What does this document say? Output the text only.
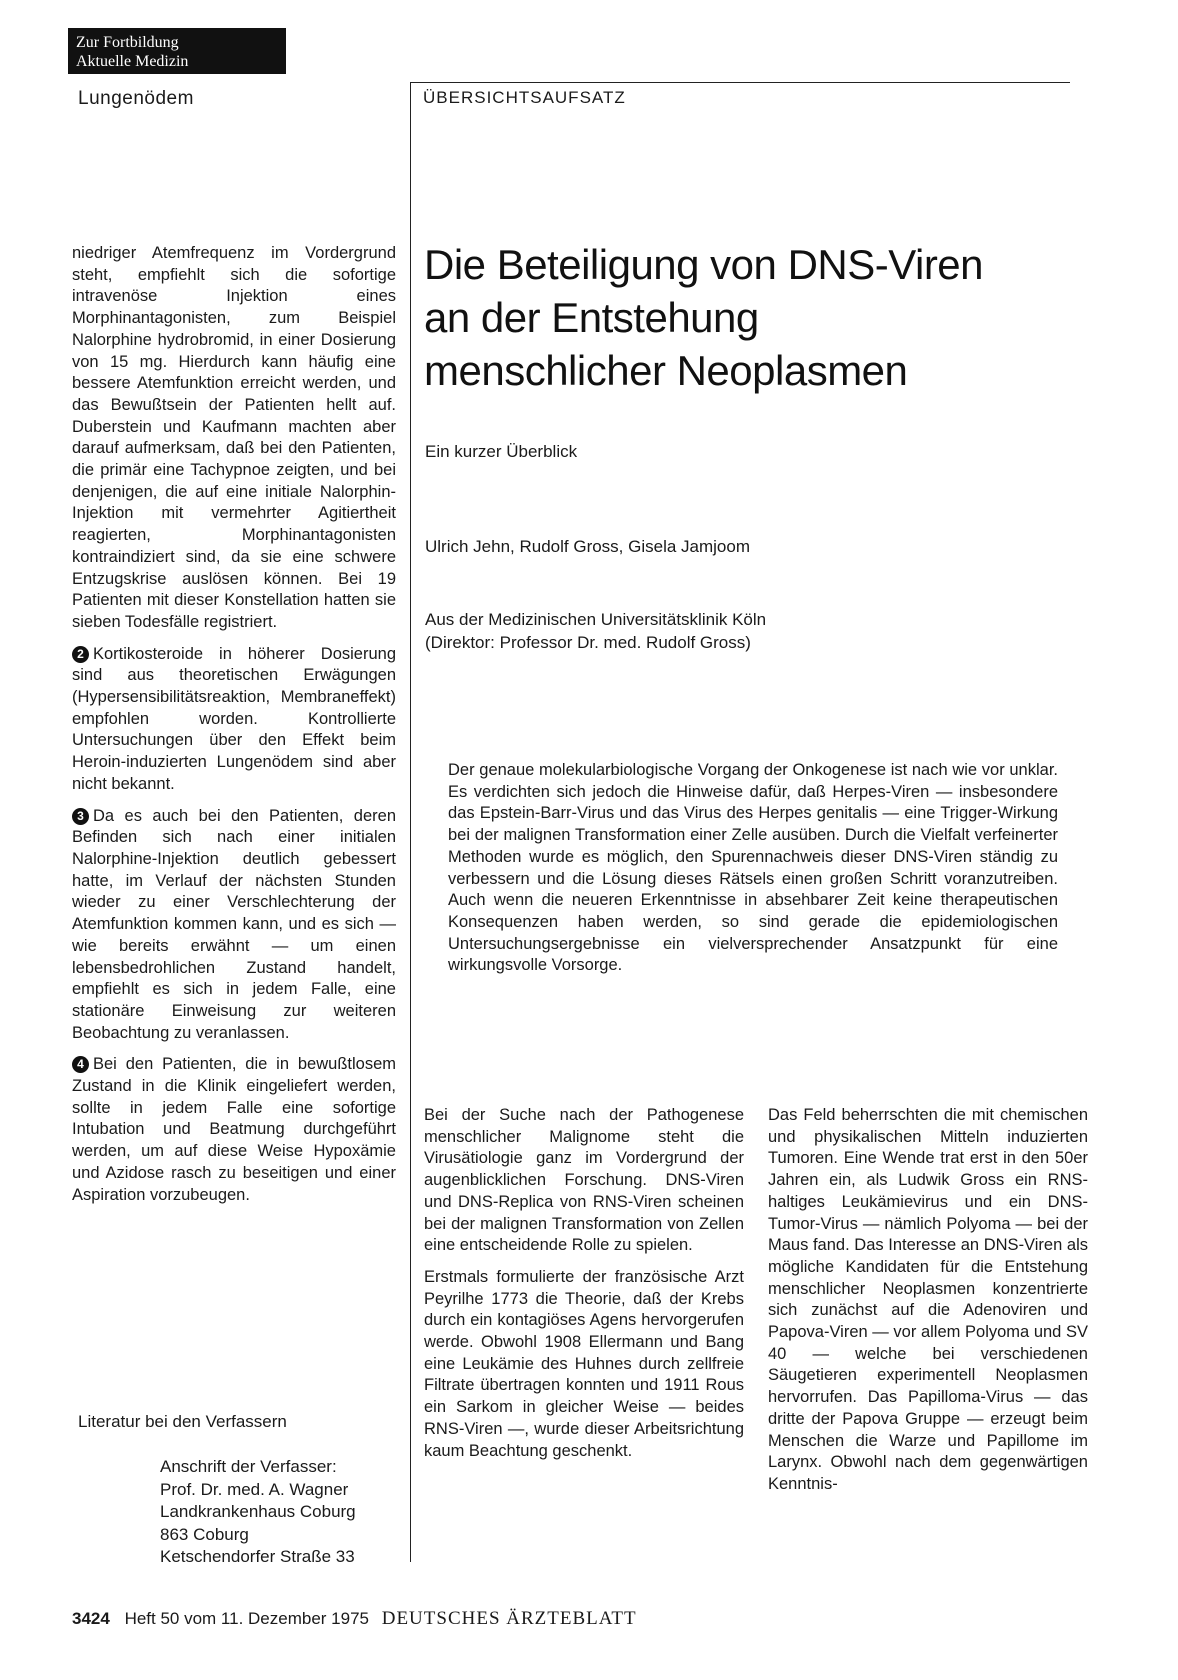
Zur Fortbildung
Aktuelle Medizin
Lungenödem	ÜBERSICHTSAUFSATZ

niedriger Atemfrequenz im Vordergrund steht, empfiehlt sich die sofortige intravenöse Injektion eines Morphinantagonisten, zum Beispiel Nalorphine hydrobromid, in einer Dosierung von 15 mg. Hierdurch kann häufig eine bessere Atemfunktion erreicht werden, und das Bewußtsein der Patienten hellt auf. Duberstein und Kaufmann machten aber darauf aufmerksam, daß bei den Patienten, die primär eine Tachypnoe zeigten, und bei denjenigen, die auf eine initiale Nalorphin-Injektion mit vermehrter Agitiertheit reagierten, Morphinantagonisten kontraindiziert sind, da sie eine schwere Entzugskrise auslösen können. Bei 19 Patienten mit dieser Konstellation hatten sie sieben Todesfälle registriert.

2 Kortikosteroide in höherer Dosierung sind aus theoretischen Erwägungen (Hypersensibilitätsreaktion, Membraneffekt) empfohlen worden. Kontrollierte Untersuchungen über den Effekt beim Heroin-induzierten Lungenödem sind aber nicht bekannt.

3 Da es auch bei den Patienten, deren Befinden sich nach einer initialen Nalorphine-Injektion deutlich gebessert hatte, im Verlauf der nächsten Stunden wieder zu einer Verschlechterung der Atemfunktion kommen kann, und es sich — wie bereits erwähnt — um einen lebensbedrohlichen Zustand handelt, empfiehlt es sich in jedem Falle, eine stationäre Einweisung zur weiteren Beobachtung zu veranlassen.

4 Bei den Patienten, die in bewußtlosem Zustand in die Klinik eingeliefert werden, sollte in jedem Falle eine sofortige Intubation und Beatmung durchgeführt werden, um auf diese Weise Hypoxämie und Azidose rasch zu beseitigen und einer Aspiration vorzubeugen.

Literatur bei den Verfassern
Anschrift der Verfasser:
Prof. Dr. med. A. Wagner
Landkrankenhaus Coburg
863 Coburg
Ketschendorfer Straße 33
Die Beteiligung von DNS-Viren
an der Entstehung
menschlicher Neoplasmen
Ein kurzer Überblick
Ulrich Jehn, Rudolf Gross, Gisela Jamjoom
Aus der Medizinischen Universitätsklinik Köln
(Direktor: Professor Dr. med. Rudolf Gross)
Der genaue molekularbiologische Vorgang der Onkogenese ist nach wie vor unklar. Es verdichten sich jedoch die Hinweise dafür, daß Herpes-Viren — insbesondere das Epstein-Barr-Virus und das Virus des Herpes genitalis — eine Trigger-Wirkung bei der malignen Transformation einer Zelle ausüben. Durch die Vielfalt verfeinerter Methoden wurde es möglich, den Spurennachweis dieser DNS-Viren ständig zu verbessern und die Lösung dieses Rätsels einen großen Schritt voranzutreiben. Auch wenn die neueren Erkenntnisse in absehbarer Zeit keine therapeutischen Konsequenzen haben werden, so sind gerade die epidemiologischen Untersuchungsergebnisse ein vielversprechender Ansatzpunkt für eine wirkungsvolle Vorsorge.

Bei der Suche nach der Pathogenese menschlicher Malignome steht die Virusätiologie ganz im Vordergrund der augenblicklichen Forschung. DNS-Viren und DNS-Replica von RNS-Viren scheinen bei der malignen Transformation von Zellen eine entscheidende Rolle zu spielen.

Erstmals formulierte der französische Arzt Peyrilhe 1773 die Theorie, daß der Krebs durch ein kontagiöses Agens hervorgerufen werde. Obwohl 1908 Ellermann und Bang eine Leukämie des Huhnes durch zellfreie Filtrate übertragen konnten und 1911 Rous ein Sarkom in gleicher Weise — beides RNS-Viren —, wurde dieser Arbeitsrichtung kaum Beachtung geschenkt.

Das Feld beherrschten die mit chemischen und physikalischen Mitteln induzierten Tumoren. Eine Wende trat erst in den 50er Jahren ein, als Ludwik Gross ein RNS-haltiges Leukämievirus und ein DNS-Tumor-Virus — nämlich Polyoma — bei der Maus fand. Das Interesse an DNS-Viren als mögliche Kandidaten für die Entstehung menschlicher Neoplasmen konzentrierte sich zunächst auf die Adenoviren und Papova-Viren — vor allem Polyoma und SV 40 — welche bei verschiedenen Säugetieren experimentell Neoplasmen hervorrufen. Das Papilloma-Virus — das dritte der Papova Gruppe — erzeugt beim Menschen die Warze und Papillome im Larynx. Obwohl nach dem gegenwärtigen Kenntnis-

3424 Heft 50 vom 11. Dezember 1975 DEUTSCHES ÄRZTEBLATT
